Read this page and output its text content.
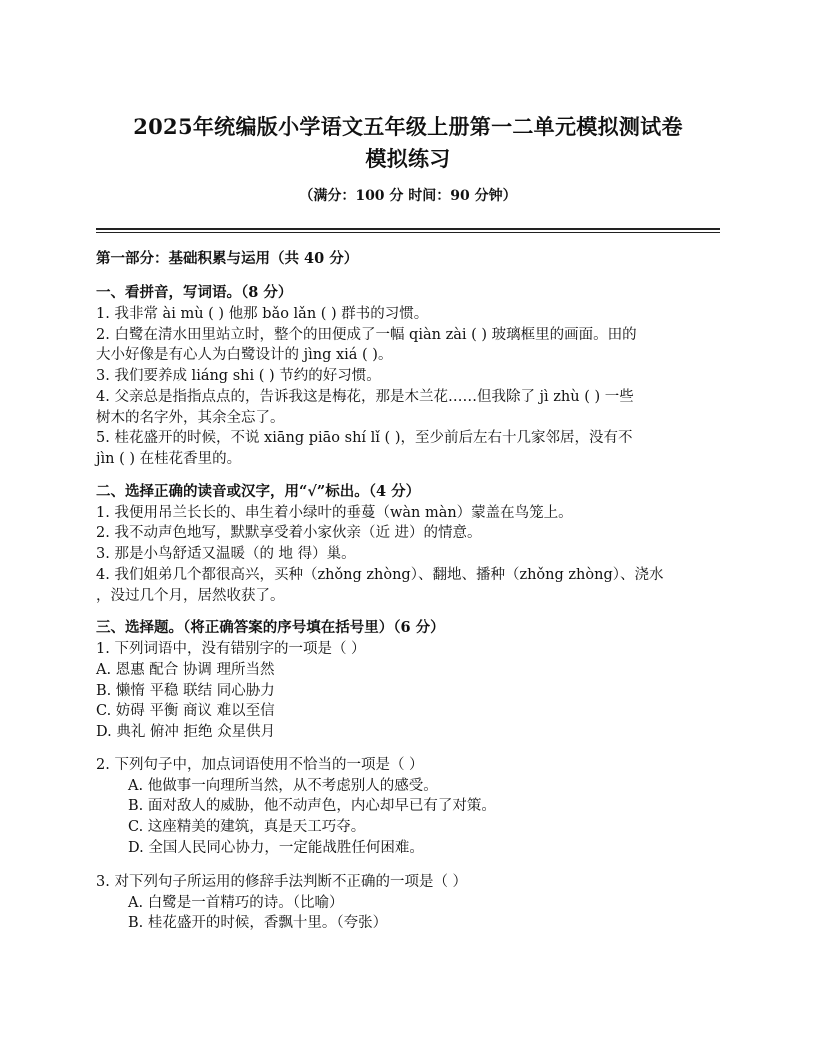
2025年统编版小学语文五年级上册第一二单元模拟测试卷
模拟练习
（满分：100 分 时间：90 分钟）
第一部分：基础积累与运用（共 40 分）
一、看拼音，写词语。（8 分）
1. 我非常 ài mù ( ) 他那 bǎo lǎn ( ) 群书的习惯。
2. 白鹭在清水田里站立时，整个的田便成了一幅 qiàn zài ( ) 玻璃框里的画面。田的
大小好像是有心人为白鹭设计的 jìng xiá ( )。
3. 我们要养成 liáng shi ( ) 节约的好习惯。
4. 父亲总是指指点点的，告诉我这是梅花，那是木兰花……但我除了 jì zhù ( ) 一些
树木的名字外，其余全忘了。
5. 桂花盛开的时候，不说 xiāng piāo shí lǐ ( )，至少前后左右十几家邻居，没有不
jìn ( ) 在桂花香里的。
二、选择正确的读音或汉字，用“√”标出。（4 分）
1. 我便用吊兰长长的、串生着小绿叶的垂蔓（wàn màn）蒙盖在鸟笼上。
2. 我不动声色地写，默默享受着小家伙亲（近 进）的情意。
3. 那是小鸟舒适又温暖（的 地 得）巢。
4. 我们姐弟几个都很高兴，买种（zhǒng zhòng）、翻地、播种（zhǒng zhòng）、浇水
，没过几个月，居然收获了。
三、选择题。（将正确答案的序号填在括号里）（6 分）
1. 下列词语中，没有错别字的一项是（ ）
A. 恩惠 配合 协调 理所当然
B. 懒惰 平稳 联结 同心胁力
C. 妨碍 平衡 商议 难以至信
D. 典礼 俯冲 拒绝 众星供月
2. 下列句子中，加点词语使用不恰当的一项是（ ）
A. 他做事一向理所当然，从不考虑别人的感受。
B. 面对敌人的威胁，他不动声色，内心却早已有了对策。
C. 这座精美的建筑，真是天工巧夺。
D. 全国人民同心协力，一定能战胜任何困难。
3. 对下列句子所运用的修辞手法判断不正确的一项是（ ）
A. 白鹭是一首精巧的诗。（比喻）
B. 桂花盛开的时候，香飘十里。（夸张）
